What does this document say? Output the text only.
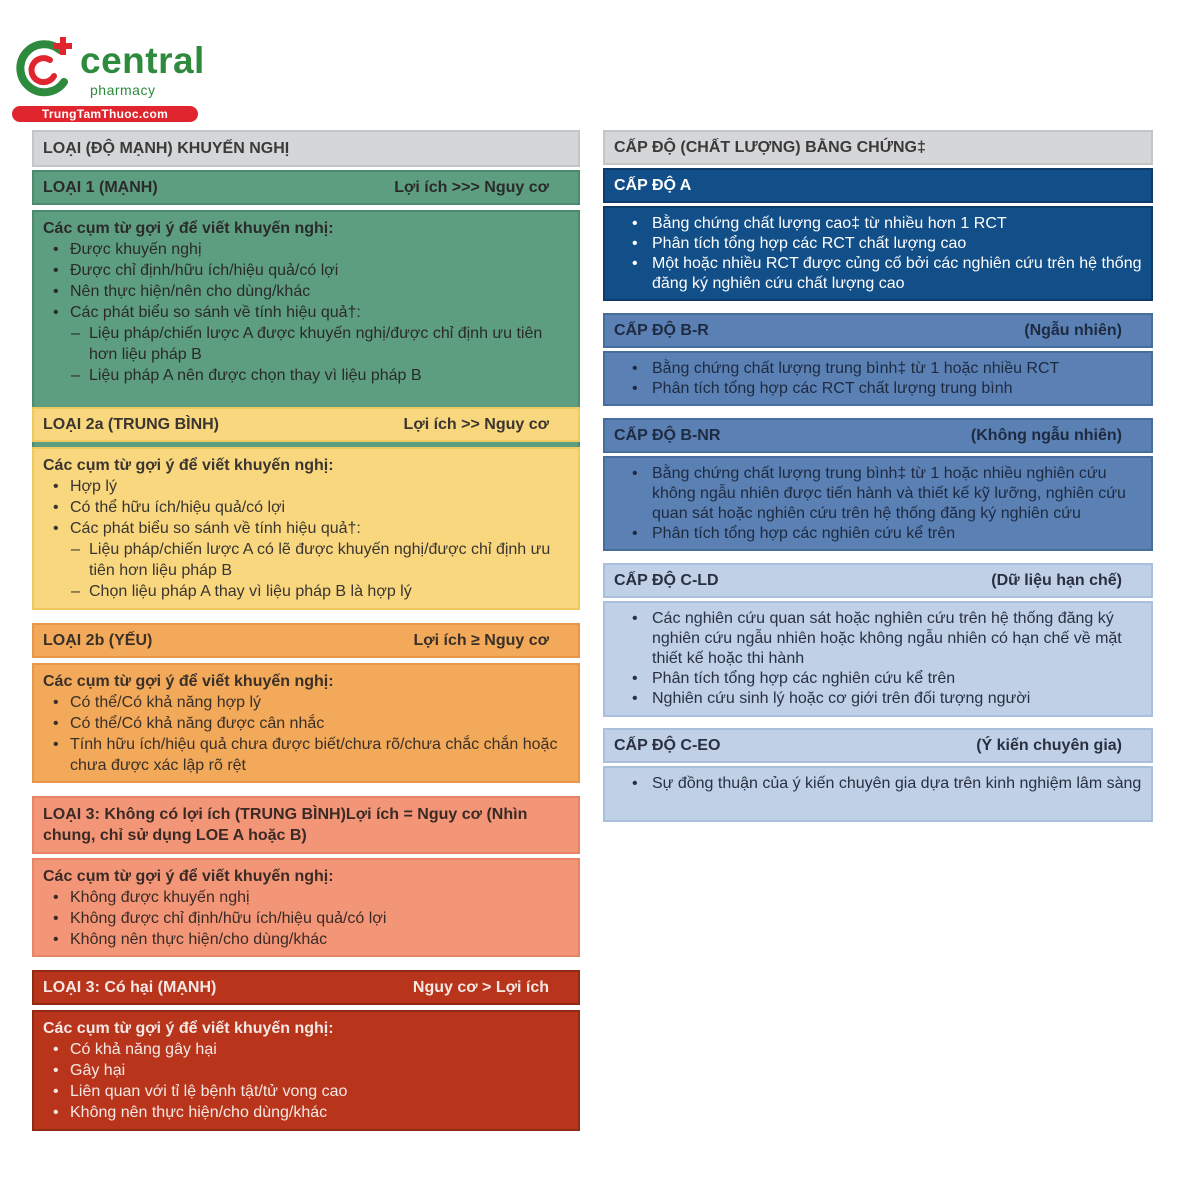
central
pharmacy
TrungTamThuoc.com
LOẠI (ĐỘ MẠNH) KHUYẾN NGHỊ
LOẠI 1 (MẠNH)	Lợi ích >>> Nguy cơ
Các cụm từ gợi ý để viết khuyến nghị:
• Được khuyến nghị
• Được chỉ định/hữu ích/hiệu quả/có lợi
• Nên thực hiện/nên cho dùng/khác
• Các phát biểu so sánh về tính hiệu quả†:
– Liệu pháp/chiến lược A được khuyến nghị/được chỉ định ưu tiên hơn liệu pháp B
– Liệu pháp A nên được chọn thay vì liệu pháp B
LOẠI 2a (TRUNG BÌNH)	Lợi ích >> Nguy cơ
Các cụm từ gợi ý để viết khuyến nghị:
• Hợp lý
• Có thể hữu ích/hiệu quả/có lợi
• Các phát biểu so sánh về tính hiệu quả†:
– Liệu pháp/chiến lược A có lẽ được khuyến nghị/được chỉ định ưu tiên hơn liệu pháp B
– Chọn liệu pháp A thay vì liệu pháp B là hợp lý
LOẠI 2b (YẾU)	Lợi ích ≥ Nguy cơ
Các cụm từ gợi ý để viết khuyến nghị:
• Có thể/Có khả năng hợp lý
• Có thể/Có khả năng được cân nhắc
• Tính hữu ích/hiệu quả chưa được biết/chưa rõ/chưa chắc chắn hoặc chưa được xác lập rõ rệt
LOẠI 3: Không có lợi ích (TRUNG BÌNH)Lợi ích = Nguy cơ (Nhìn chung, chỉ sử dụng LOE A hoặc B)
Các cụm từ gợi ý để viết khuyến nghị:
• Không được khuyến nghị
• Không được chỉ định/hữu ích/hiệu quả/có lợi
• Không nên thực hiện/cho dùng/khác
LOẠI 3: Có hại (MẠNH)	Nguy cơ > Lợi ích
Các cụm từ gợi ý để viết khuyến nghị:
• Có khả năng gây hại
• Gây hại
• Liên quan với tỉ lệ bệnh tật/tử vong cao
• Không nên thực hiện/cho dùng/khác
CẤP ĐỘ (CHẤT LƯỢNG) BẰNG CHỨNG‡
CẤP ĐỘ A
• Bằng chứng chất lượng cao‡ từ nhiều hơn 1 RCT
• Phân tích tổng hợp các RCT chất lượng cao
• Một hoặc nhiều RCT được củng cố bởi các nghiên cứu trên hệ thống đăng ký nghiên cứu chất lượng cao
CẤP ĐỘ B-R	(Ngẫu nhiên)
• Bằng chứng chất lượng trung bình‡ từ 1 hoặc nhiều RCT
• Phân tích tổng hợp các RCT chất lượng trung bình
CẤP ĐỘ B-NR	(Không ngẫu nhiên)
• Bằng chứng chất lượng trung bình‡ từ 1 hoặc nhiều nghiên cứu không ngẫu nhiên được tiến hành và thiết kế kỹ lưỡng, nghiên cứu quan sát hoặc nghiên cứu trên hệ thống đăng ký nghiên cứu
• Phân tích tổng hợp các nghiên cứu kể trên
CẤP ĐỘ C-LD	(Dữ liệu hạn chế)
• Các nghiên cứu quan sát hoặc nghiên cứu trên hệ thống đăng ký nghiên cứu ngẫu nhiên hoặc không ngẫu nhiên có hạn chế về mặt thiết kế hoặc thi hành
• Phân tích tổng hợp các nghiên cứu kể trên
• Nghiên cứu sinh lý hoặc cơ giới trên đối tượng người
CẤP ĐỘ C-EO	(Ý kiến chuyên gia)
• Sự đồng thuận của ý kiến chuyên gia dựa trên kinh nghiệm lâm sàng
